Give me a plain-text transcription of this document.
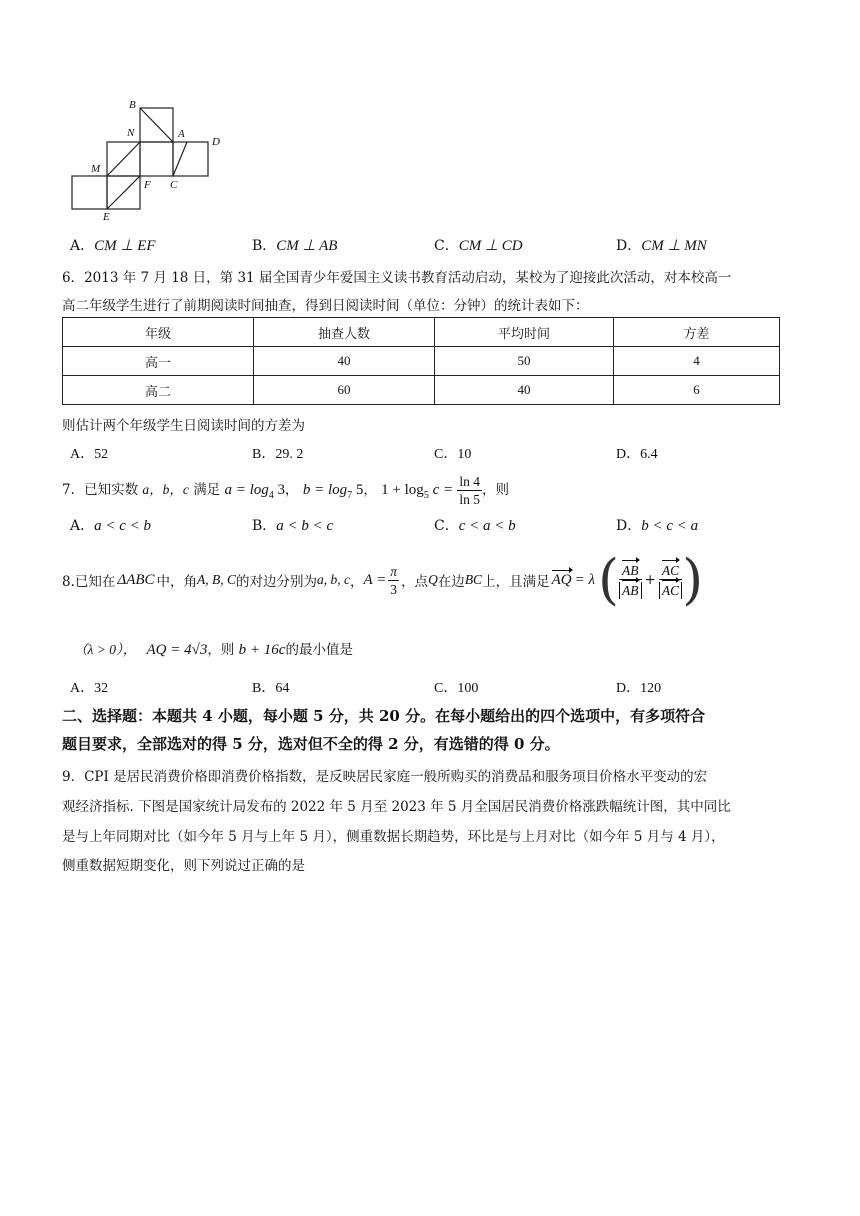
B
N	A
D
M
F C
E
A．CM ⊥ EF	B．CM ⊥ AB	C．CM ⊥ CD	D．CM ⊥ MN
6．2013 年 7 月 18 日，第 31 届全国青少年爱国主义读书教育活动启动，某校为了迎接此次活动，对本校高一
高二年级学生进行了前期阅读时间抽查，得到日阅读时间（单位：分钟）的统计表如下：
年级	抽查人数	平均时间	方差
高一	40	50	4
高二	60	40	6
则估计两个年级学生日阅读时间的方差为
A．52	B．29. 2	C．10	D．6.4
7．已知实数 a，b，c 满足 $a = \log_4 3$， $b = \log_7 5$， $1 + \log_5 c = \frac{\ln 4}{\ln 5}$ ，则
A．a < c < b	B．a < b < c	C．c < a < b	D．b < c < a
8.已知在 ΔABC 中，角 A, B, C 的对边分别为 a, b, c ， $A = \frac{\pi}{3}$ ，点 Q 在边 BC 上，且满足 AQ = λ ( $\frac{AB}{AB} + \frac{AC}{AC}$ )
（λ > 0）， AQ = 4√3，则 b + 16c的最小值是
A．32	B．64	C．100	D．120
二、选择题：本题共 4 小题，每小题 5 分，共 20 分。在每小题给出的四个选项中，有多项符合
题目要求，全部选对的得 5 分，选对但不全的得 2 分，有选错的得 0 分。
9．CPI 是居民消费价格即消费价格指数，是反映居民家庭一般所购买的消费品和服务项目价格水平变动的宏
观经济指标. 下图是国家统计局发布的 2022 年 5 月至 2023 年 5 月全国居民消费价格涨跌幅统计图，其中同比
是与上年同期对比（如今年 5 月与上年 5 月），侧重数据长期趋势，环比是与上月对比（如今年 5 月与 4 月），
侧重数据短期变化，则下列说过正确的是
